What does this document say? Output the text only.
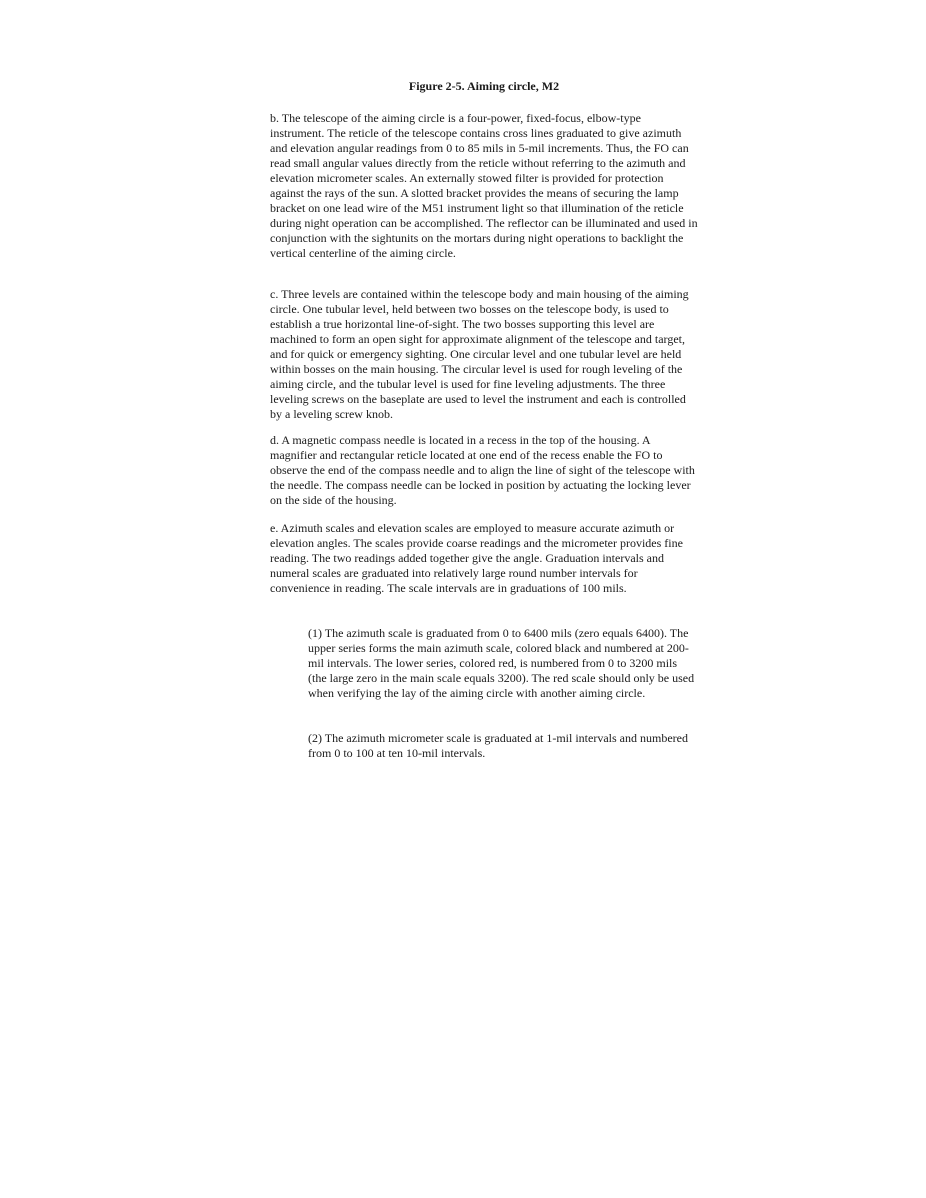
Figure 2-5. Aiming circle, M2

b. The telescope of the aiming circle is a four-power, fixed-focus, elbow-type instrument. The reticle of the telescope contains cross lines graduated to give azimuth and elevation angular readings from 0 to 85 mils in 5-mil increments. Thus, the FO can read small angular values directly from the reticle without referring to the azimuth and elevation micrometer scales. An externally stowed filter is provided for protection against the rays of the sun. A slotted bracket provides the means of securing the lamp bracket on one lead wire of the M51 instrument light so that illumination of the reticle during night operation can be accomplished. The reflector can be illuminated and used in conjunction with the sightunits on the mortars during night operations to backlight the vertical centerline of the aiming circle.

c. Three levels are contained within the telescope body and main housing of the aiming circle. One tubular level, held between two bosses on the telescope body, is used to establish a true horizontal line-of-sight. The two bosses supporting this level are machined to form an open sight for approximate alignment of the telescope and target, and for quick or emergency sighting. One circular level and one tubular level are held within bosses on the main housing. The circular level is used for rough leveling of the aiming circle, and the tubular level is used for fine leveling adjustments. The three leveling screws on the baseplate are used to level the instrument and each is controlled by a leveling screw knob.

d. A magnetic compass needle is located in a recess in the top of the housing. A magnifier and rectangular reticle located at one end of the recess enable the FO to observe the end of the compass needle and to align the line of sight of the telescope with the needle. The compass needle can be locked in position by actuating the locking lever on the side of the housing.

e. Azimuth scales and elevation scales are employed to measure accurate azimuth or elevation angles. The scales provide coarse readings and the micrometer provides fine reading. The two readings added together give the angle. Graduation intervals and numeral scales are graduated into relatively large round number intervals for convenience in reading. The scale intervals are in graduations of 100 mils.

(1) The azimuth scale is graduated from 0 to 6400 mils (zero equals 6400). The upper series forms the main azimuth scale, colored black and numbered at 200-mil intervals. The lower series, colored red, is numbered from 0 to 3200 mils (the large zero in the main scale equals 3200). The red scale should only be used when verifying the lay of the aiming circle with another aiming circle.

(2) The azimuth micrometer scale is graduated at 1-mil intervals and numbered from 0 to 100 at ten 10-mil intervals.
